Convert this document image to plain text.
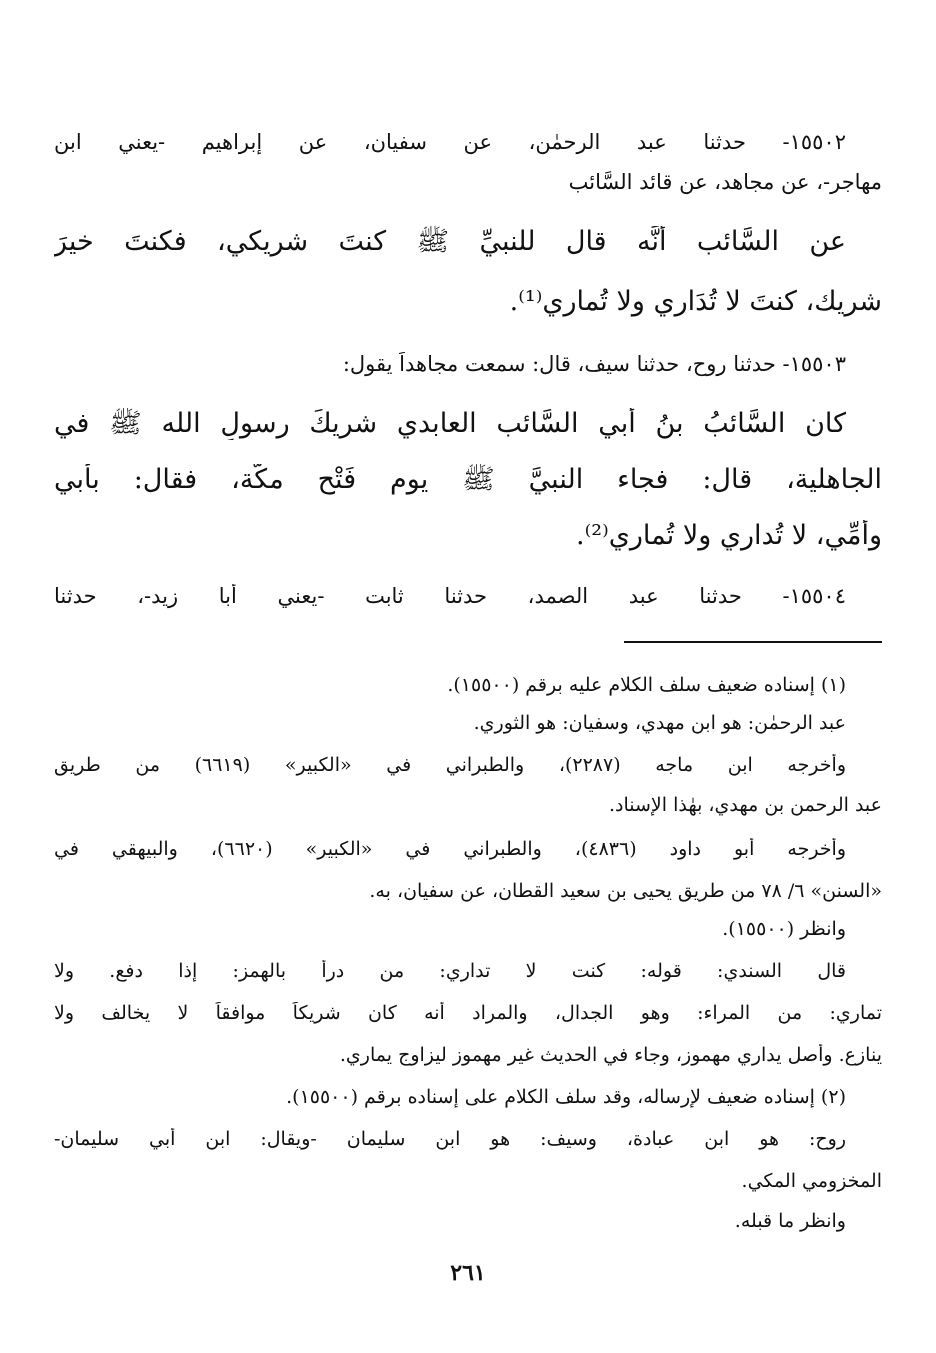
١٥٥٠٢- حدثنا عبد الرحمٰن، عن سفيان، عن إبراهيم -يعني ابن
مهاجر-، عن مجاهد، عن قائد السَّائب
عن السَّائب أنَّه قال للنبيِّ ﷺ كنتَ شريكي، فكنتَ خيرَ
شريك، كنتَ لا تُدَاري ولا تُماري⁽¹⁾.
١٥٥٠٣- حدثنا روح، حدثنا سيف، قال: سمعت مجاهداً يقول:
كان السَّائبُ بنُ أبي السَّائب العابدي شريكَ رسولِ الله ﷺ في
الجاهلية، قال: فجاء النبيَّ ﷺ يوم فَتْحِ مكَّة، فقال: بأبي
وأمِّي، لا تُداري ولا تُماري⁽²⁾.
١٥٥٠٤- حدثنا عبد الصمد، حدثنا ثابت -يعني أبا زيد-، حدثنا
(١) إسناده ضعيف سلف الكلام عليه برقم (١٥٥٠٠).
عبد الرحمٰن: هو ابن مهدي، وسفيان: هو الثوري.
وأخرجه ابن ماجه (٢٢٨٧)، والطبراني في «الكبير» (٦٦١٩) من طريق
عبد الرحمن بن مهدي، بهٰذا الإسناد.
وأخرجه أبو داود (٤٨٣٦)، والطبراني في «الكبير» (٦٦٢٠)، والبيهقي في
«السنن» ٦/ ٧٨ من طريق يحيى بن سعيد القطان، عن سفيان، به.
وانظر (١٥٥٠٠).
قال السندي: قوله: كنت لا تداري: من درأ بالهمز: إذا دفع. ولا
تماري: من المراء: وهو الجدال، والمراد أنه كان شريكاً موافقاً لا يخالف ولا
ينازع. وأصل يداري مهموز، وجاء في الحديث غير مهموز ليزاوج يماري.
(٢) إسناده ضعيف لإرساله، وقد سلف الكلام على إسناده برقم (١٥٥٠٠).
روح: هو ابن عبادة، وسيف: هو ابن سليمان -ويقال: ابن أبي سليمان-
المخزومي المكي.
وانظر ما قبله.
٢٦١
